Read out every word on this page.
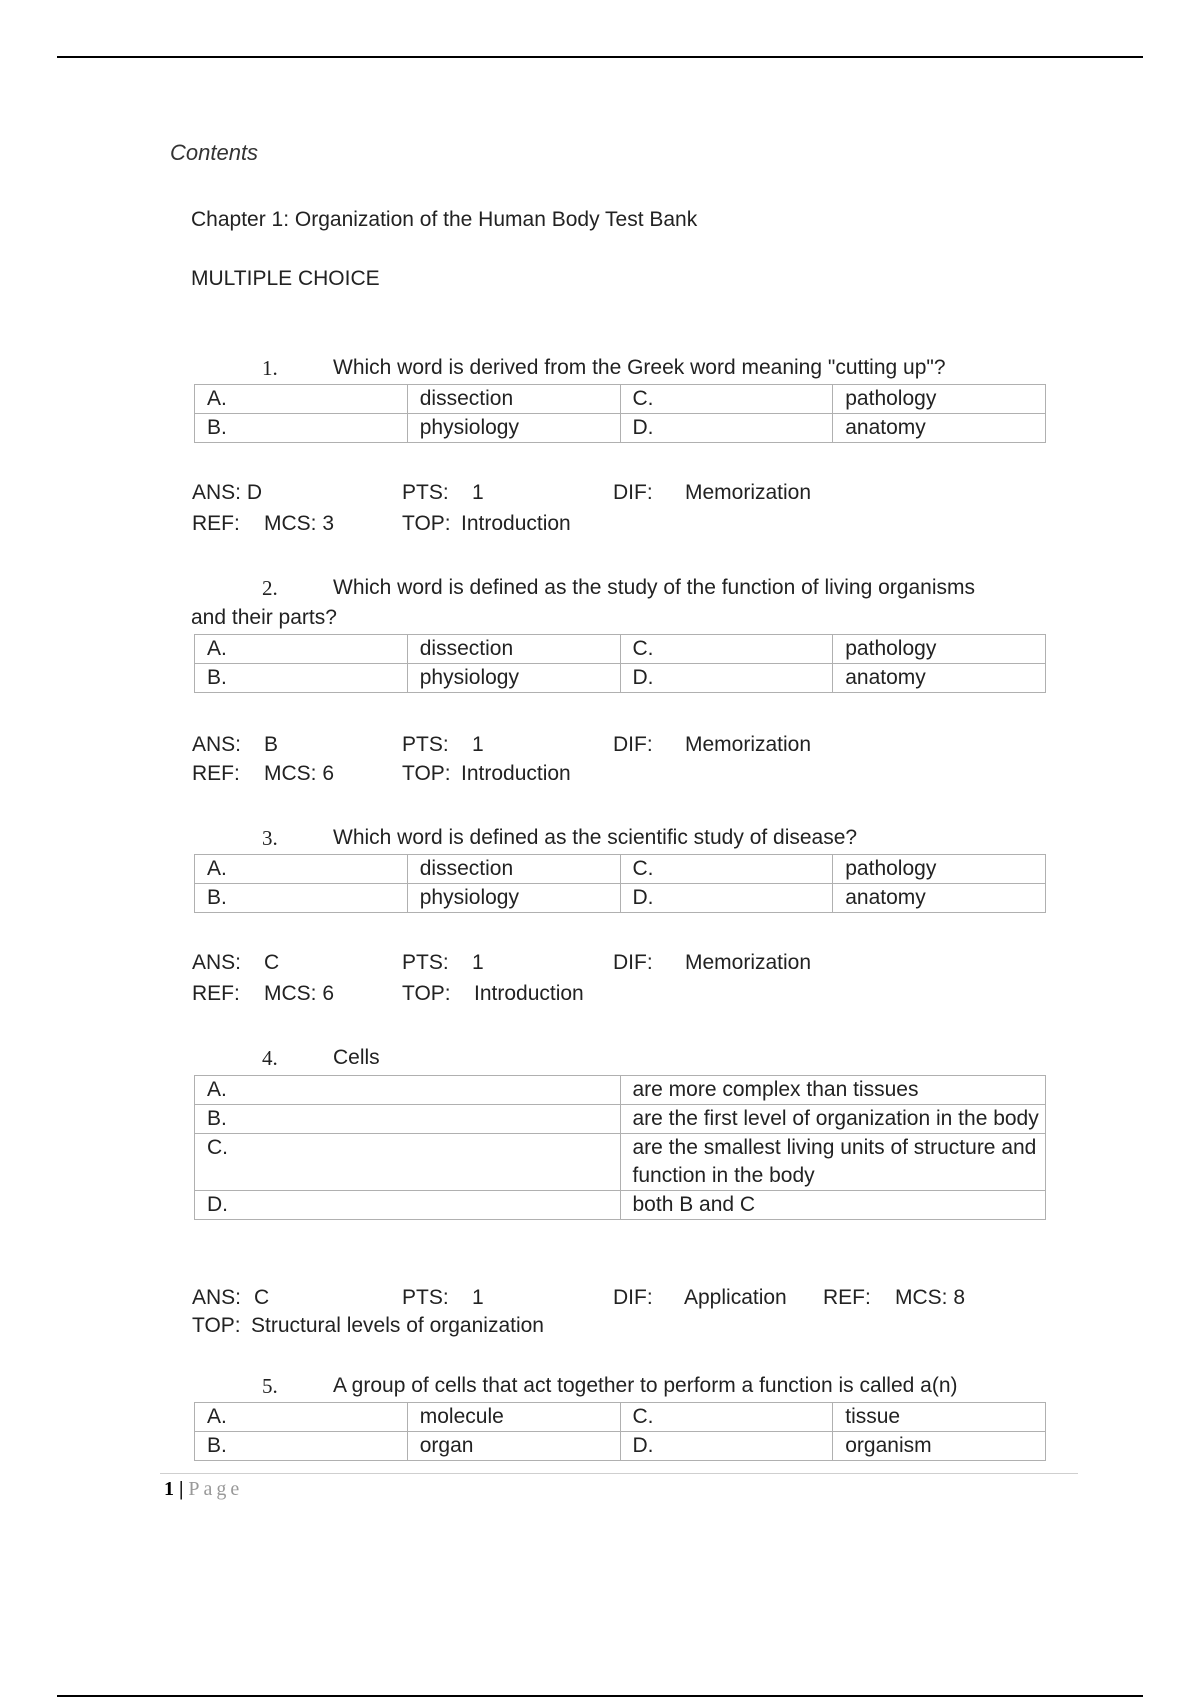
Contents

Chapter 1: Organization of the Human Body Test Bank

MULTIPLE CHOICE

1.	Which word is derived from the Greek word meaning "cutting up"?
A.	dissection	C.	pathology
B.	physiology	D.	anatomy
ANS: D	PTS: 1	DIF: Memorization
REF: MCS: 3	TOP: Introduction
2.	Which word is defined as the study of the function of living organisms
and their parts?
A.	dissection	C.	pathology
B.	physiology	D.	anatomy
ANS: B	PTS: 1	DIF: Memorization
REF: MCS: 6	TOP: Introduction
3.	Which word is defined as the scientific study of disease?
A.	dissection	C.	pathology
B.	physiology	D.	anatomy
ANS: C	PTS: 1	DIF: Memorization
REF: MCS: 6	TOP: Introduction
4.	Cells
A.	are more complex than tissues
B.	are the first level of organization in the body
C.	are the smallest living units of structure and function in the body
D.	both B and C
ANS: C	PTS: 1	DIF: Application REF: MCS: 8
TOP: Structural levels of organization
5.	A group of cells that act together to perform a function is called a(n)
A.	molecule	C.	tissue
B.	organ	D.	organism
1 | Page
